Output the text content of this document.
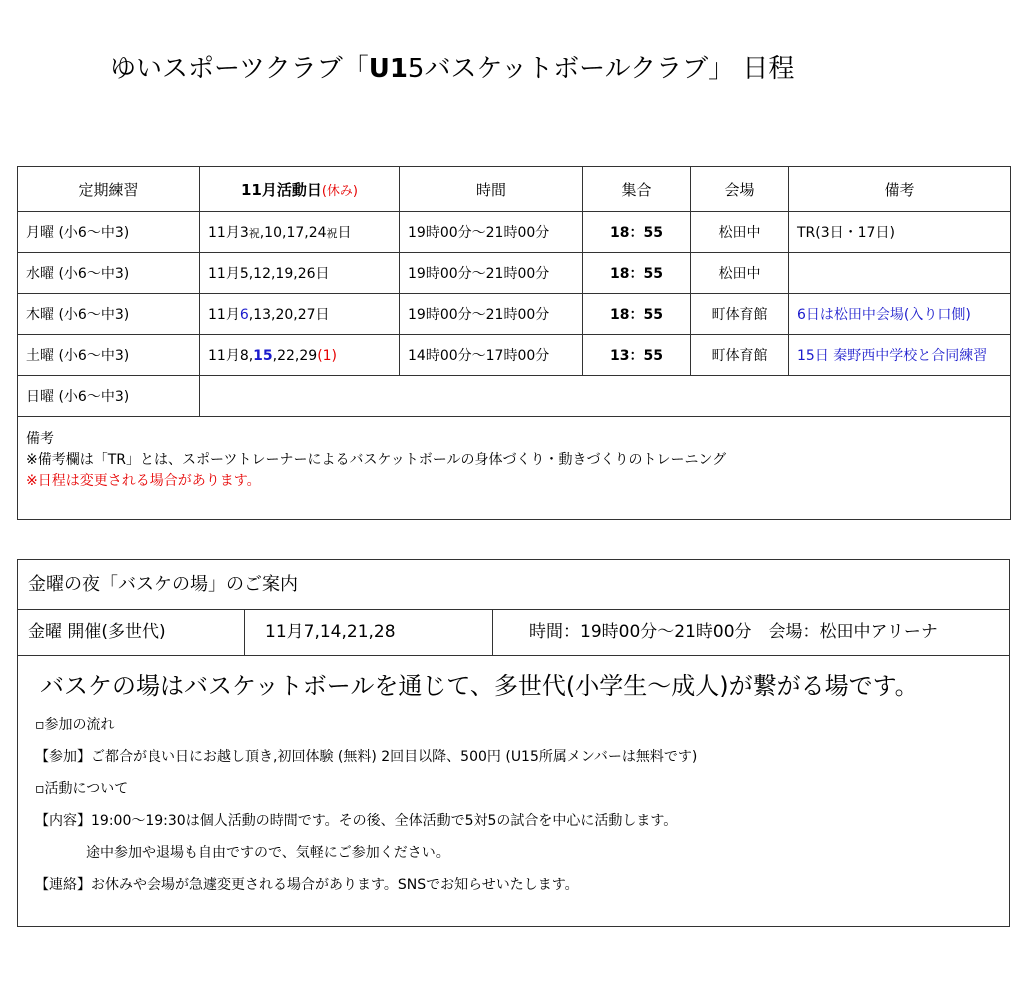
ゆいスポーツクラブ「U15バスケットボールクラブ」 日程
定期練習	11月活動日(休み)	時間	集合	会場	備考
月曜 (小6～中3)	11月3祝,10,17,24祝日	19時00分～21時00分	18：55	松田中	TR(3日・17日)
水曜 (小6～中3)	11月5,12,19,26日	19時00分～21時00分	18：55	松田中	
木曜 (小6～中3)	11月6,13,20,27日	19時00分～21時00分	18：55	町体育館	6日は松田中会場(入り口側)
土曜 (小6～中3)	11月8,15,22,29(1)	14時00分～17時00分	13：55	町体育館	15日 秦野西中学校と合同練習
日曜 (小6～中3)					

備考
※備考欄は「TR」とは、スポーツトレーナーによるバスケットボールの身体づくり・動きづくりのトレーニング
※日程は変更される場合があります。					
金曜の夜「バスケの場」のご案内
金曜 開催(多世代)	11月7,14,21,28	時間：19時00分～21時00分　会場：松田中アリーナ
バスケの場はバスケットボールを通じて、多世代(小学生～成人)が繋がる場です。
▫参加の流れ
【参加】ご都合が良い日にお越し頂き,初回体験 (無料) 2回目以降、500円 (U15所属メンバーは無料です)
▫活動について
【内容】19:00～19:30は個人活動の時間です。その後、全体活動で5対5の試合を中心に活動します。
途中参加や退場も自由ですので、気軽にご参加ください。
【連絡】お休みや会場が急遽変更される場合があります。SNSでお知らせいたします。
